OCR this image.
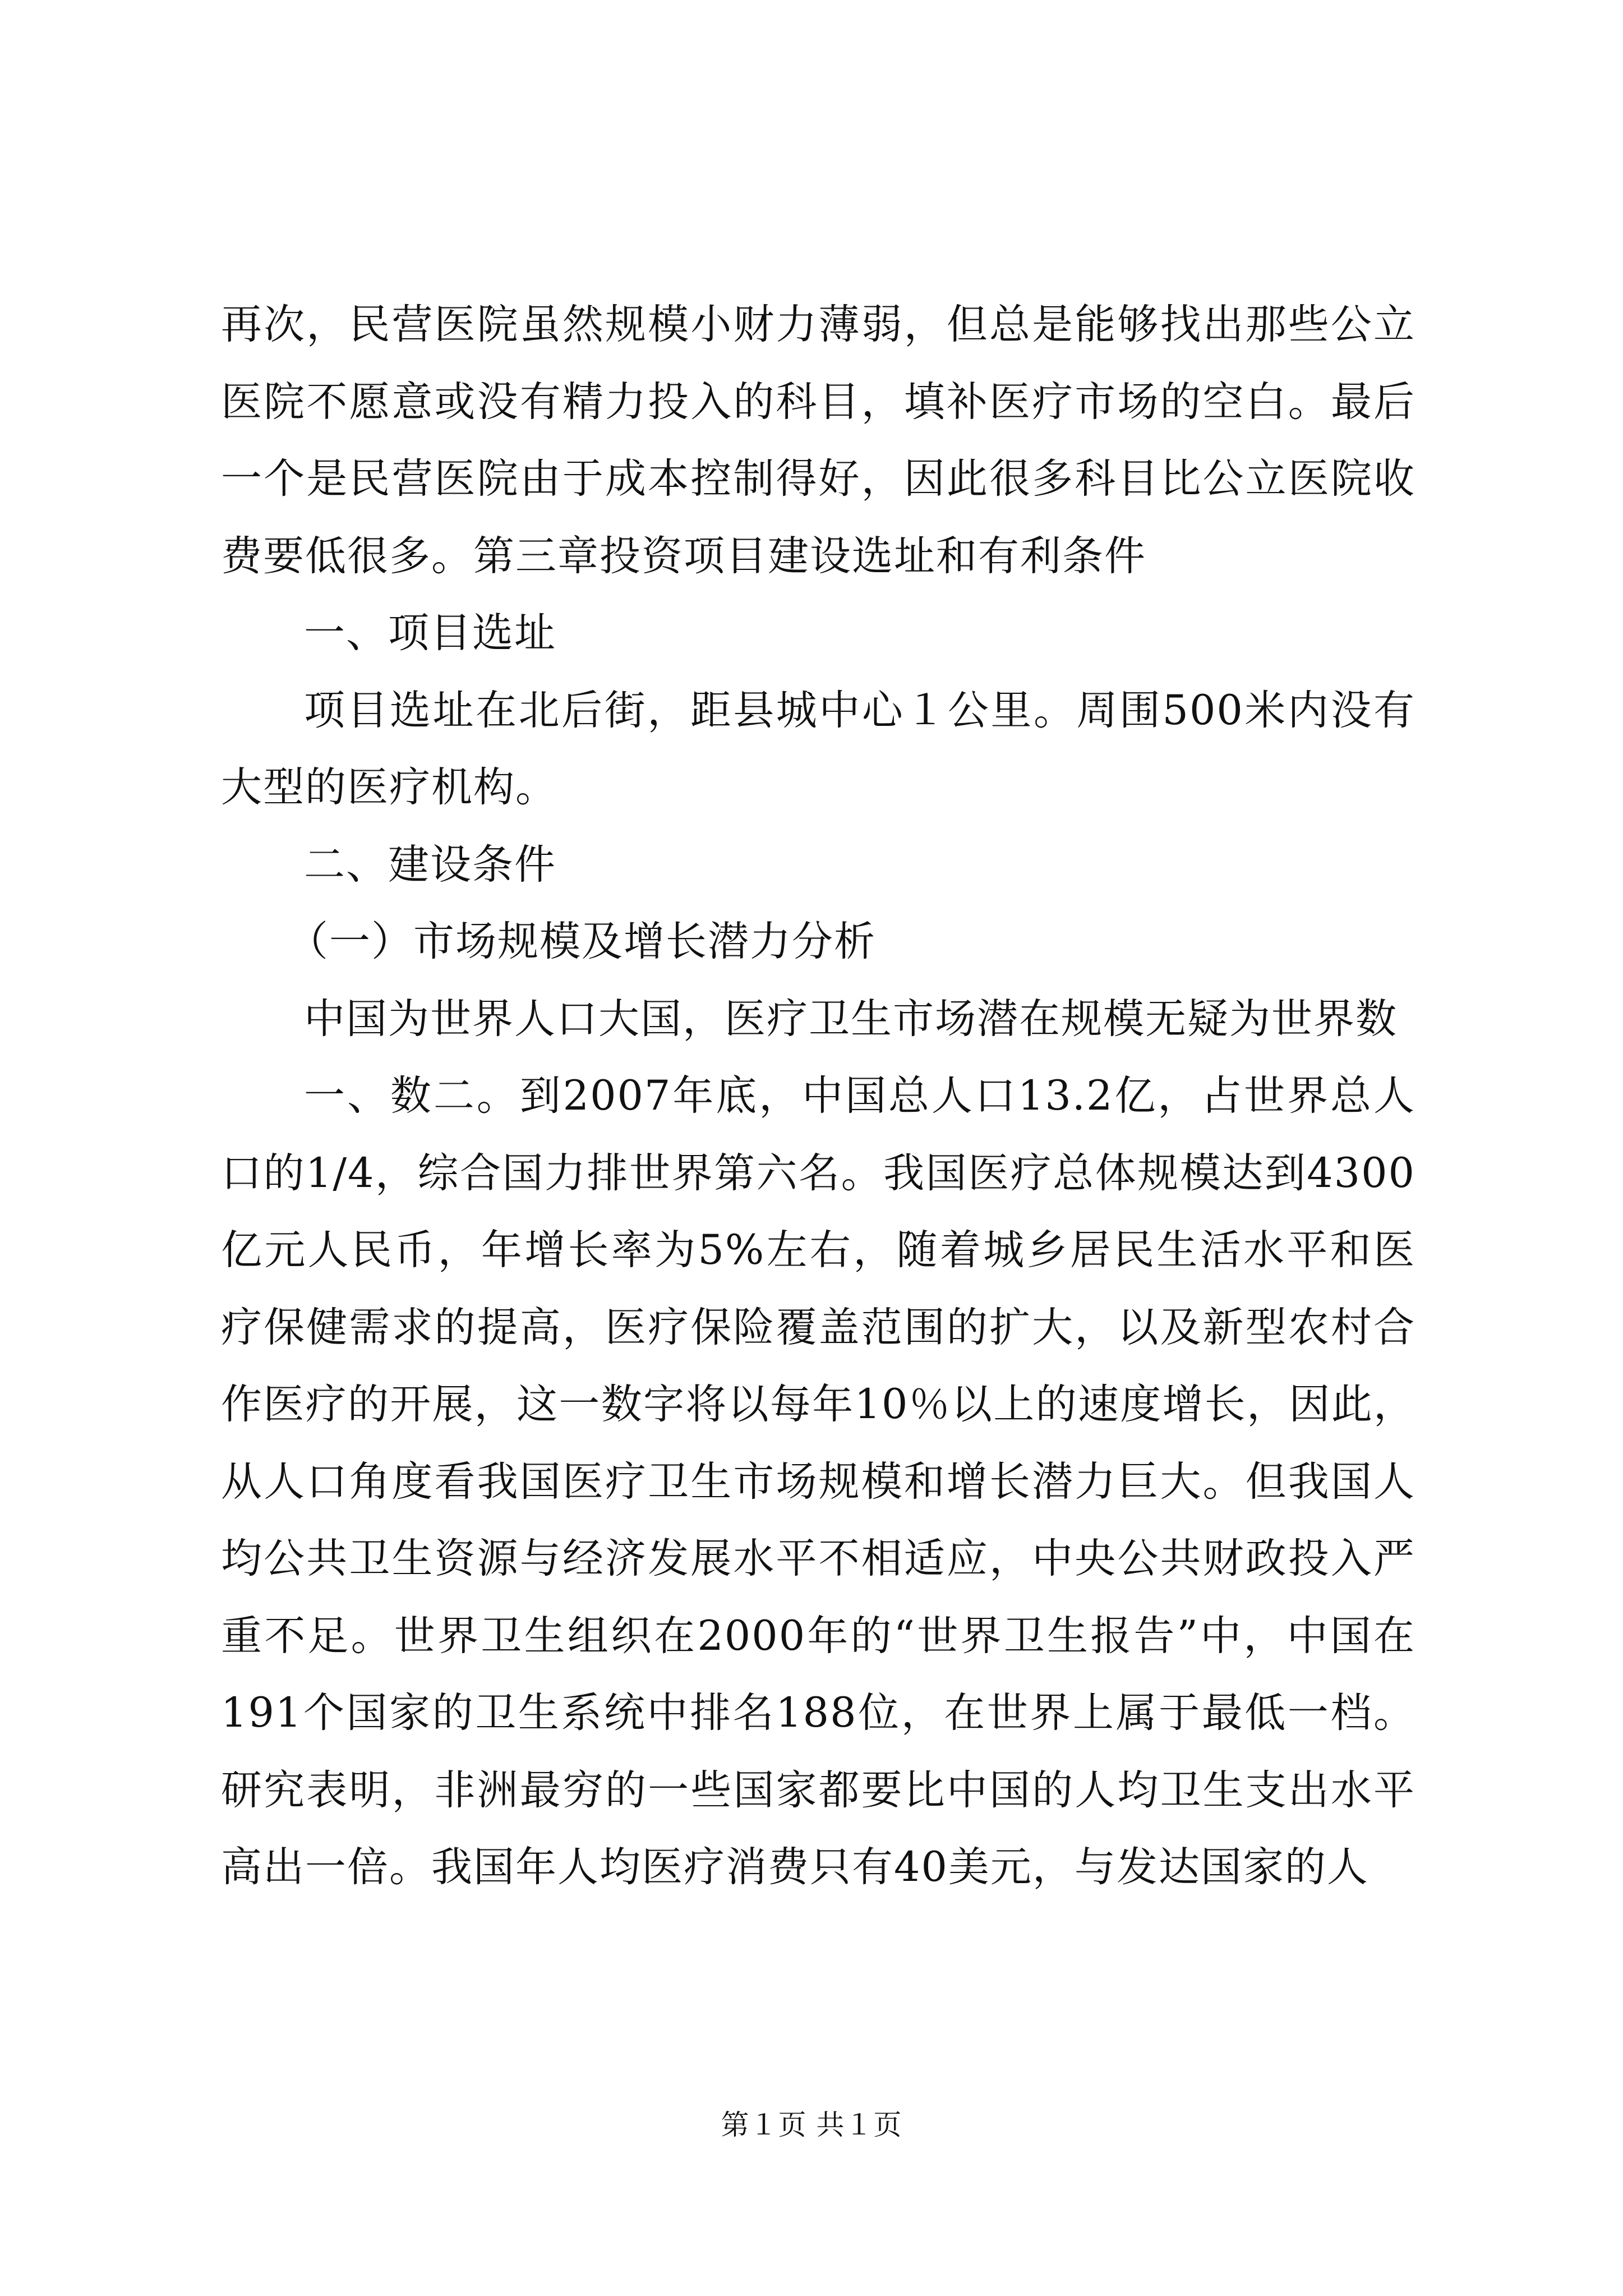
再次，民营医院虽然规模小财力薄弱，但总是能够找出那些公立医院不愿意或没有精力投入的科目，填补医疗市场的空白。最后一个是民营医院由于成本控制得好，因此很多科目比公立医院收费要低很多。第三章投资项目建设选址和有利条件

一、项目选址

项目选址在北后街，距县城中心１公里。周围500米内没有大型的医疗机构。

二、建设条件

（一）市场规模及增长潜力分析

中国为世界人口大国，医疗卫生市场潜在规模无疑为世界数

一、数二。到2007年底，中国总人口13.2亿，占世界总人口的1/4，综合国力排世界第六名。我国医疗总体规模达到4300亿元人民币，年增长率为5%左右，随着城乡居民生活水平和医疗保健需求的提高，医疗保险覆盖范围的扩大，以及新型农村合作医疗的开展，这一数字将以每年10％以上的速度增长，因此，从人口角度看我国医疗卫生市场规模和增长潜力巨大。但我国人均公共卫生资源与经济发展水平不相适应，中央公共财政投入严重不足。世界卫生组织在2000年的“世界卫生报告”中，中国在191个国家的卫生系统中排名188位，在世界上属于最低一档。研究表明，非洲最穷的一些国家都要比中国的人均卫生支出水平高出一倍。我国年人均医疗消费只有40美元，与发达国家的人

第１页 共１页
